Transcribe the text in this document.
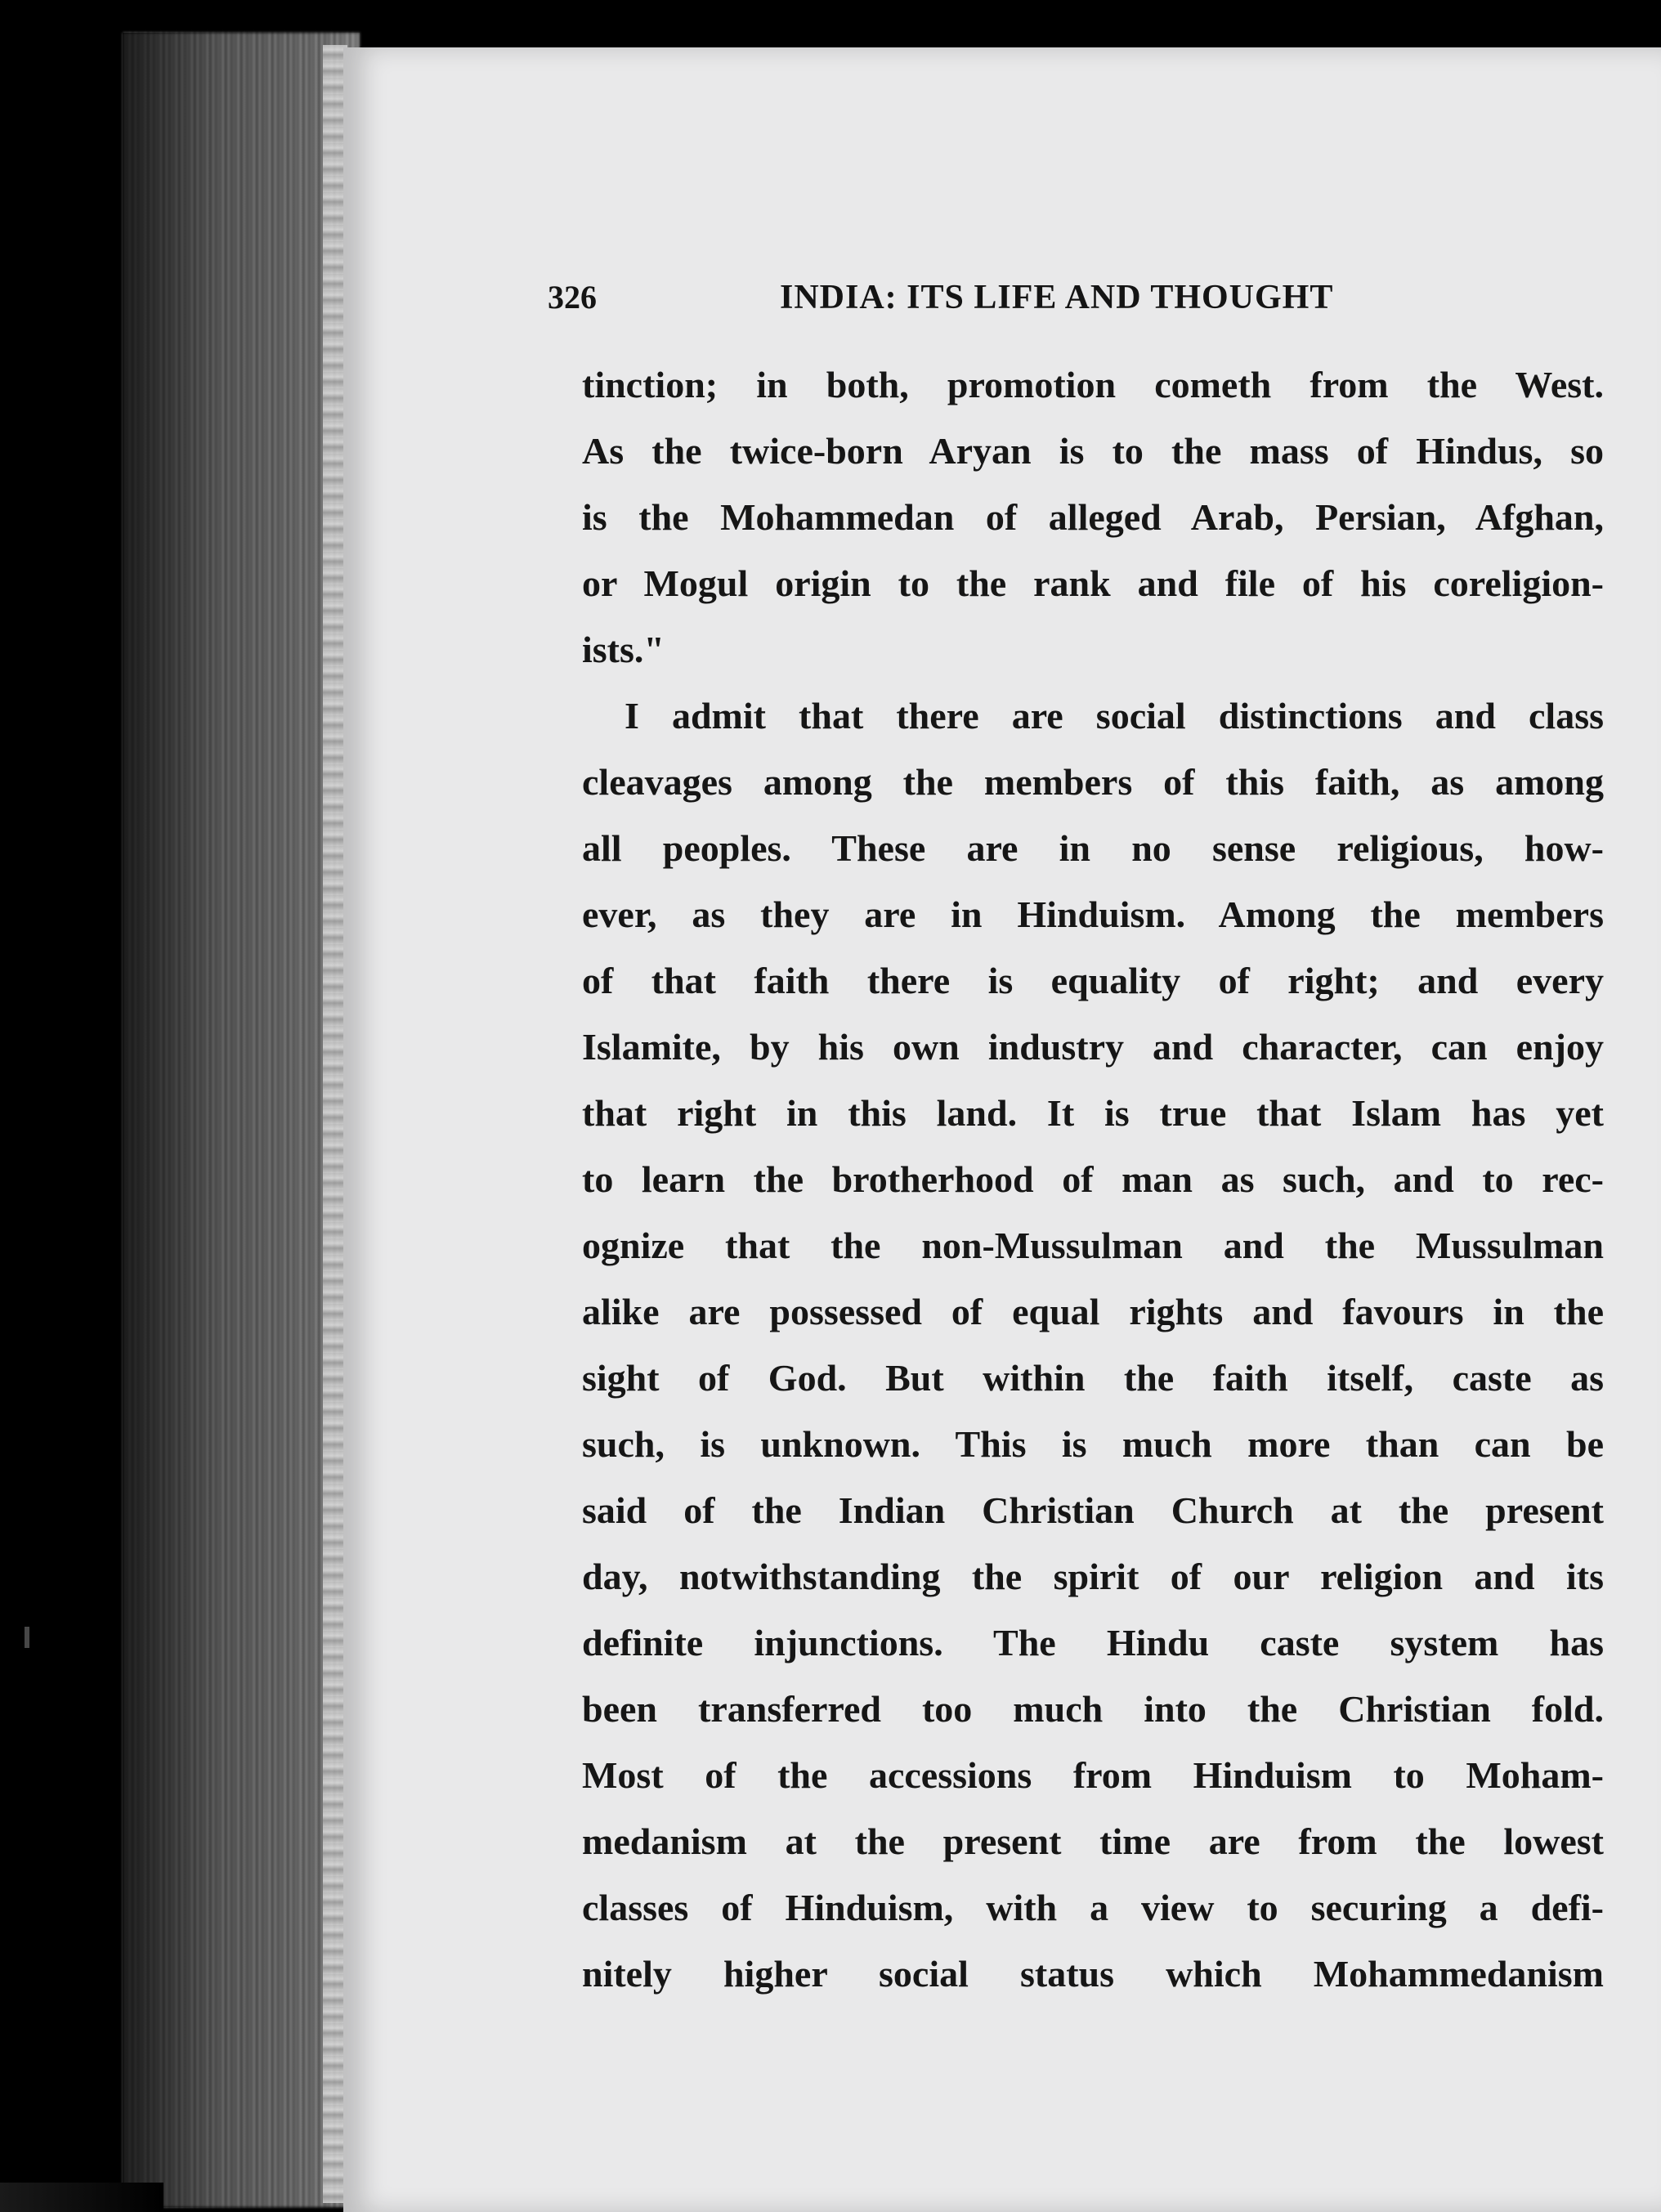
326	INDIA: ITS LIFE AND THOUGHT
tinction; in both, promotion cometh from the West.
As the twice-born Aryan is to the mass of Hindus, so
is the Mohammedan of alleged Arab, Persian, Afghan,
or Mogul origin to the rank and file of his coreligion-
ists."
I admit that there are social distinctions and class
cleavages among the members of this faith, as among
all peoples. These are in no sense religious, how-
ever, as they are in Hinduism. Among the members
of that faith there is equality of right; and every
Islamite, by his own industry and character, can enjoy
that right in this land. It is true that Islam has yet
to learn the brotherhood of man as such, and to rec-
ognize that the non-Mussulman and the Mussulman
alike are possessed of equal rights and favours in the
sight of God. But within the faith itself, caste as
such, is unknown. This is much more than can be
said of the Indian Christian Church at the present
day, notwithstanding the spirit of our religion and its
definite injunctions. The Hindu caste system has
been transferred too much into the Christian fold.
Most of the accessions from Hinduism to Moham-
medanism at the present time are from the lowest
classes of Hinduism, with a view to securing a defi-
nitely higher social status which Mohammedanism
